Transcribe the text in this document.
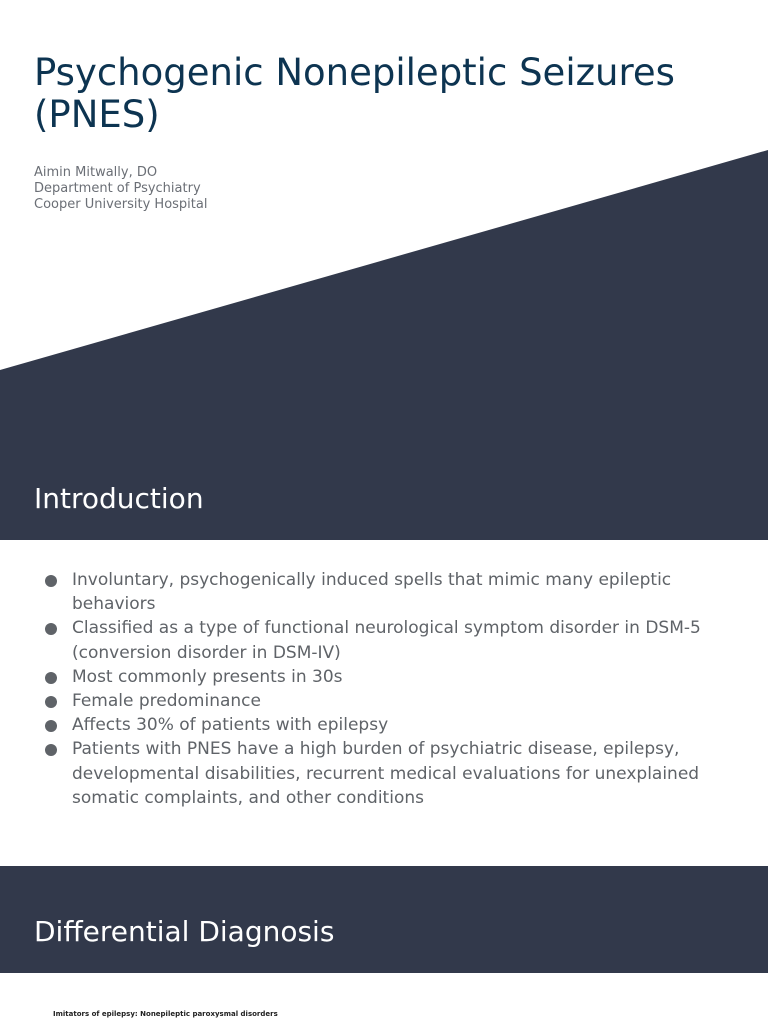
Psychogenic Nonepileptic Seizures
(PNES)
Aimin Mitwally, DO
Department of Psychiatry
Cooper University Hospital
Introduction
Involuntary, psychogenically induced spells that mimic many epileptic behaviors
Classified as a type of functional neurological symptom disorder in DSM-5 (conversion disorder in DSM-IV)
Most commonly presents in 30s
Female predominance
Affects 30% of patients with epilepsy
Patients with PNES have a high burden of psychiatric disease, epilepsy, developmental disabilities, recurrent medical evaluations for unexplained somatic complaints, and other conditions
Differential Diagnosis
Imitators of epilepsy: Nonepileptic paroxysmal disorders
